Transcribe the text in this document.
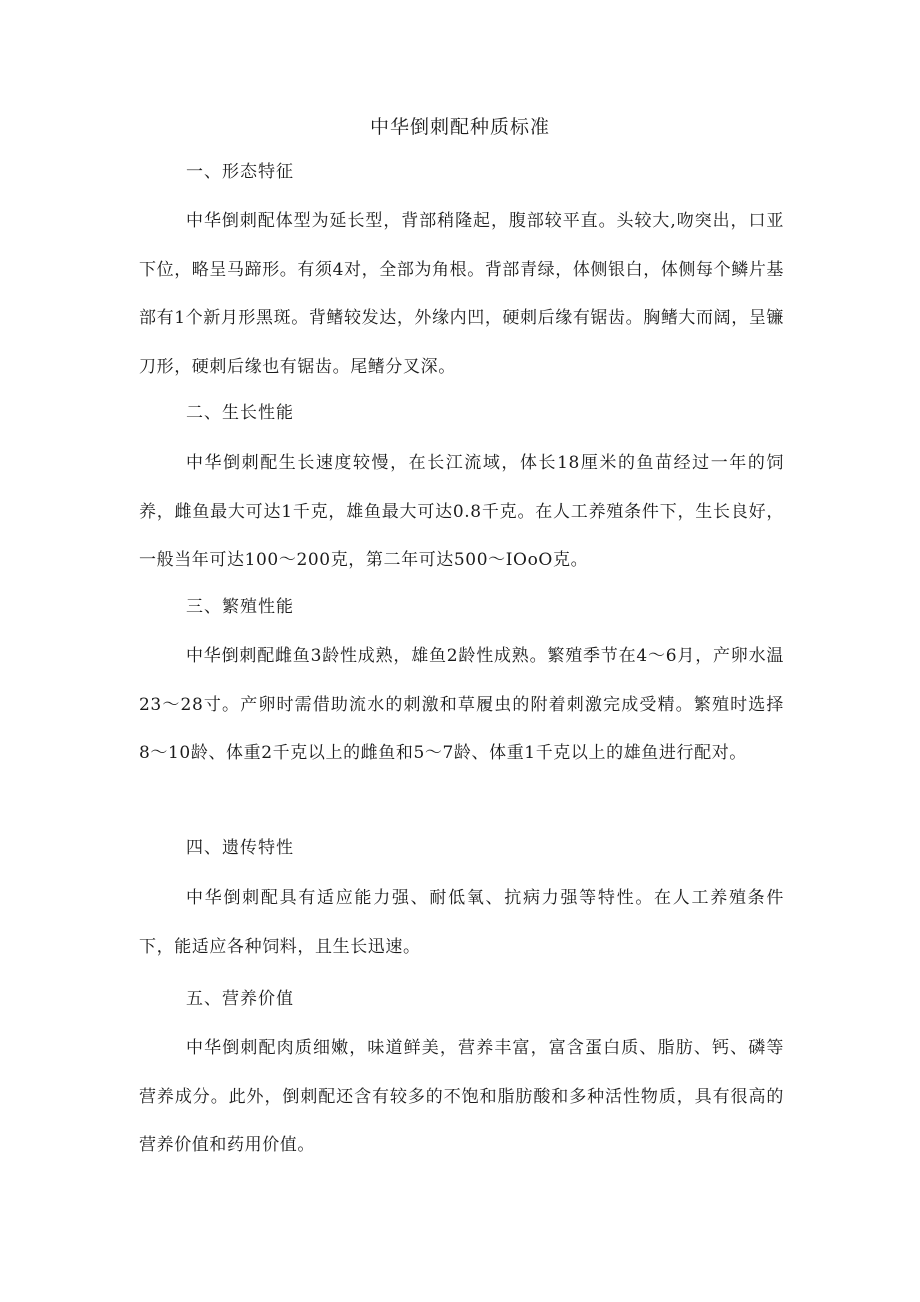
中华倒刺配种质标准
一、形态特征

中华倒刺配体型为延长型，背部稍隆起，腹部较平直。头较大,吻突出，口亚下位，略呈马蹄形。有须4对，全部为角根。背部青绿，体侧银白，体侧每个鳞片基部有1个新月形黑斑。背鳍较发达，外缘内凹，硬刺后缘有锯齿。胸鳍大而阔，呈镰刀形，硬刺后缘也有锯齿。尾鳍分叉深。

二、生长性能

中华倒刺配生长速度较慢，在长江流域，体长18厘米的鱼苗经过一年的饲养，雌鱼最大可达1千克，雄鱼最大可达0.8千克。在人工养殖条件下，生长良好，一般当年可达100〜200克，第二年可达500〜IOoO克。

三、繁殖性能

中华倒刺配雌鱼3龄性成熟，雄鱼2龄性成熟。繁殖季节在4〜6月，产卵水温23〜28寸。产卵时需借助流水的刺激和草履虫的附着刺激完成受精。繁殖时选择8〜10龄、体重2千克以上的雌鱼和5〜7龄、体重1千克以上的雄鱼进行配对。

四、遗传特性

中华倒刺配具有适应能力强、耐低氧、抗病力强等特性。在人工养殖条件下，能适应各种饲料，且生长迅速。

五、营养价值

中华倒刺配肉质细嫩，味道鲜美，营养丰富，富含蛋白质、脂肪、钙、磷等营养成分。此外，倒刺配还含有较多的不饱和脂肪酸和多种活性物质，具有很高的营养价值和药用价值。
